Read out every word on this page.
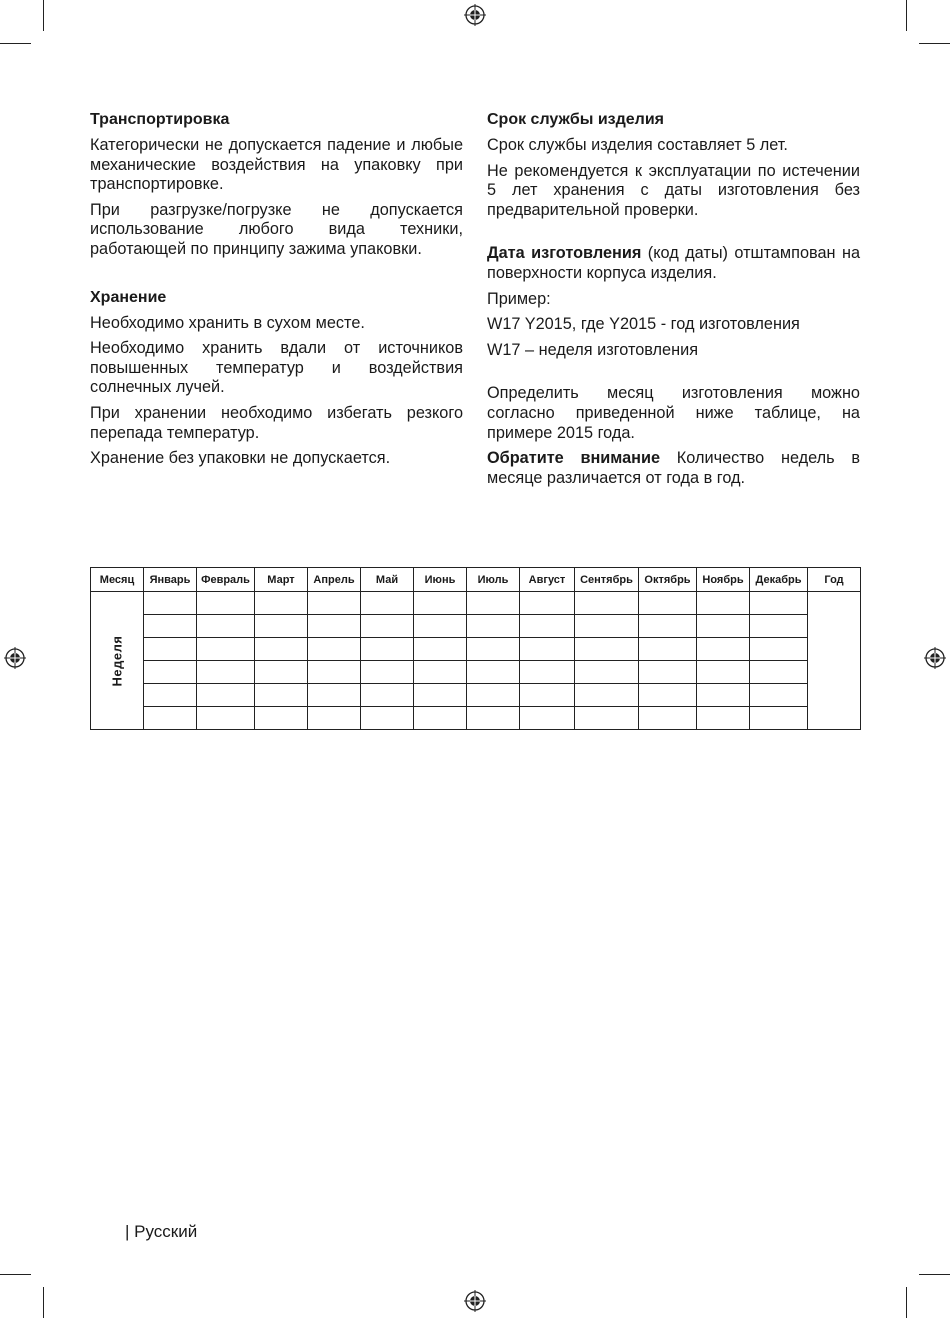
Транспортировка

Категорически не допускается падение и любые механические воздействия на упаковку при транспортировке.

При разгрузке/погрузке не допускается использование любого вида техники, работающей по принципу зажима упаковки.

Хранение

Необходимо хранить в сухом месте.

Необходимо хранить вдали от источников повышенных температур и воздействия солнечных лучей.

При хранении необходимо избегать резкого перепада температур.

Хранение без упаковки не допускается.

Срок службы изделия

Срок службы изделия составляет 5 лет.

Не рекомендуется к эксплуатации по истечении 5 лет хранения с даты изготовления без предварительной проверки.

Дата изготовления (код даты) отштампован на поверхности корпуса изделия.

Пример:

W17 Y2015, где Y2015 - год изготовления

W17 – неделя изготовления

Определить месяц изготовления можно согласно приведенной ниже таблице, на примере 2015 года.

Обратите внимание Количество недель в месяце различается от года в год.

Месяц	Январь	Февраль	Март	Апрель	Май	Июнь	Июль	Август	Сентябрь	Октябрь	Ноябрь	Декабрь	Год

Неделя													

| Русский
